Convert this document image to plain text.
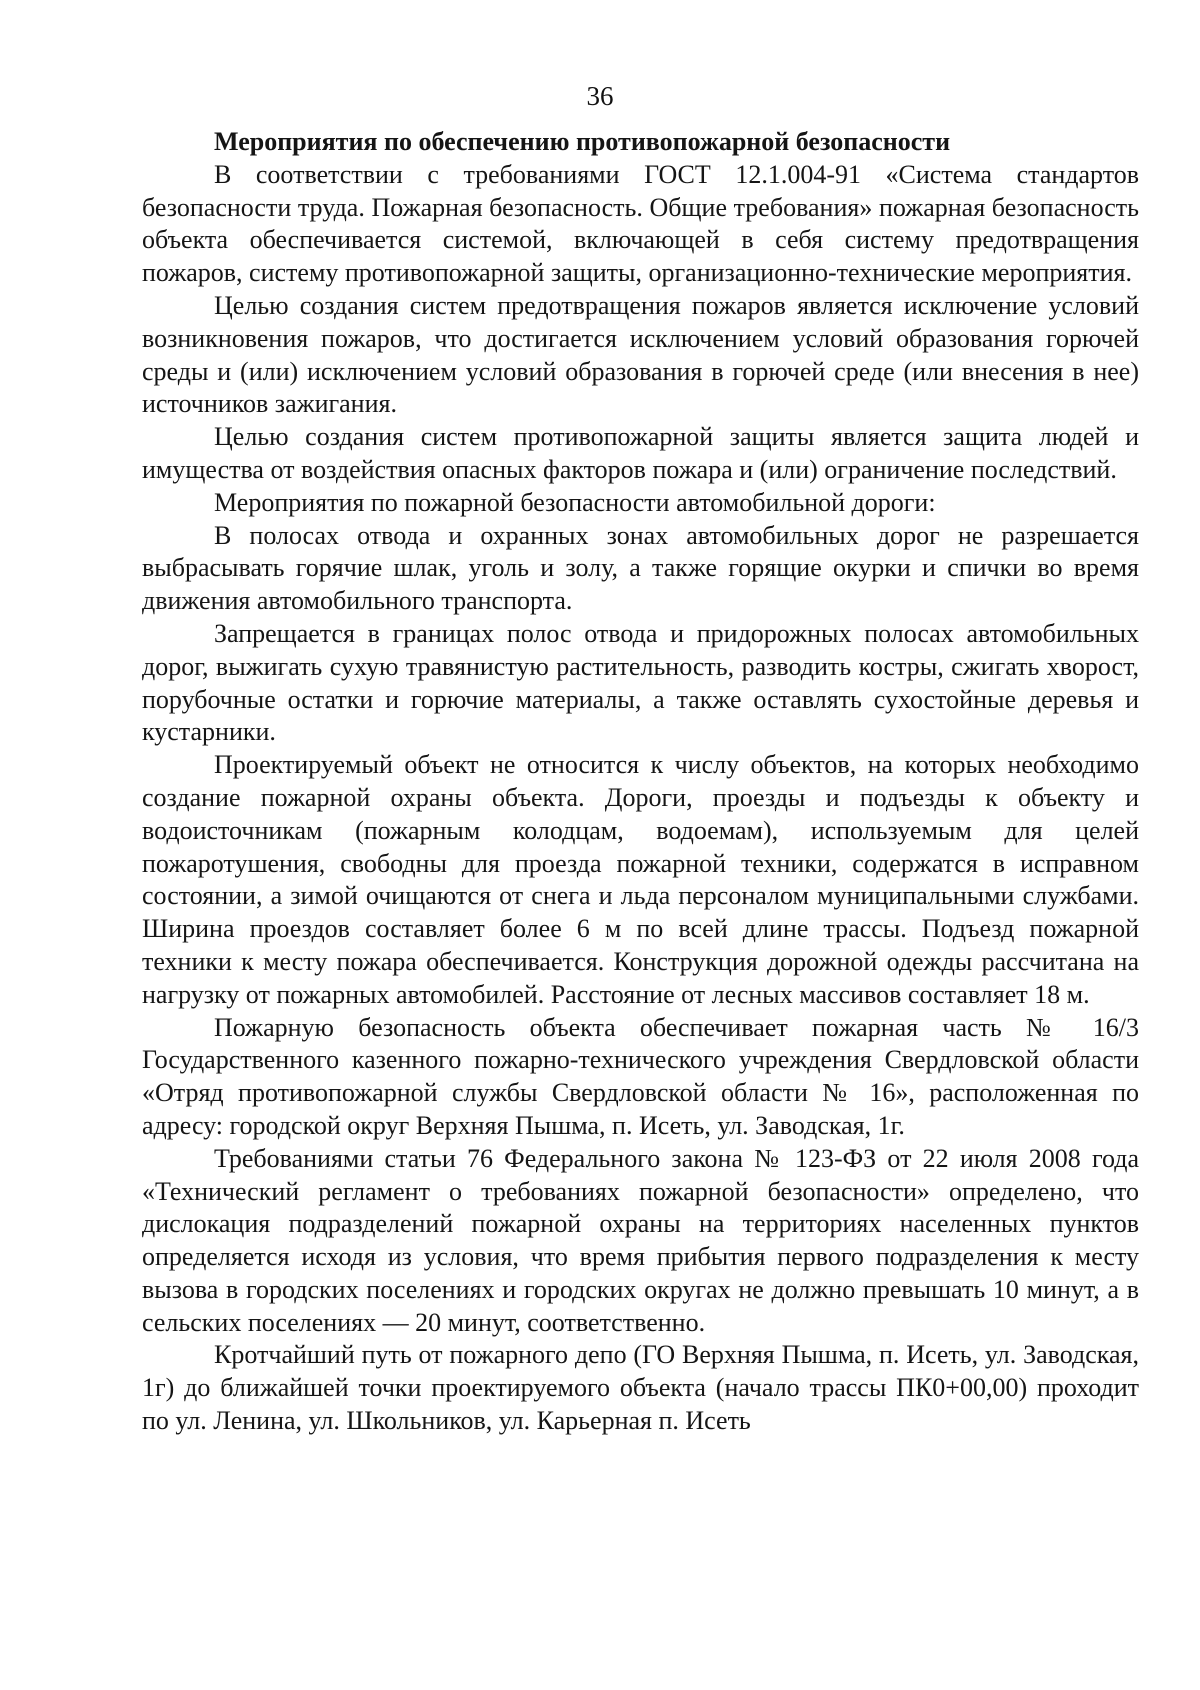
36

Мероприятия по обеспечению противопожарной безопасности

В соответствии с требованиями ГОСТ 12.1.004-91 «Система стандартов безопасности труда. Пожарная безопасность. Общие требования» пожарная безопасность объекта обеспечивается системой, включающей в себя систему предотвращения пожаров, систему противопожарной защиты, организационно-технические мероприятия.

Целью создания систем предотвращения пожаров является исключение условий возникновения пожаров, что достигается исключением условий образования горючей среды и (или) исключением условий образования в горючей среде (или внесения в нее) источников зажигания.

Целью создания систем противопожарной защиты является защита людей и имущества от воздействия опасных факторов пожара и (или) ограничение последствий.

Мероприятия по пожарной безопасности автомобильной дороги:

В полосах отвода и охранных зонах автомобильных дорог не разрешается выбрасывать горячие шлак, уголь и золу, а также горящие окурки и спички во время движения автомобильного транспорта.

Запрещается в границах полос отвода и придорожных полосах автомобильных дорог, выжигать сухую травянистую растительность, разводить костры, сжигать хворост, порубочные остатки и горючие материалы, а также оставлять сухостойные деревья и кустарники.

Проектируемый объект не относится к числу объектов, на которых необходимо создание пожарной охраны объекта. Дороги, проезды и подъезды к объекту и водоисточникам (пожарным колодцам, водоемам), используемым для целей пожаротушения, свободны для проезда пожарной техники, содержатся в исправном состоянии, а зимой очищаются от снега и льда персоналом муниципальными службами. Ширина проездов составляет более 6 м по всей длине трассы. Подъезд пожарной техники к месту пожара обеспечивается. Конструкция дорожной одежды рассчитана на нагрузку от пожарных автомобилей. Расстояние от лесных массивов составляет 18 м.

Пожарную безопасность объекта обеспечивает пожарная часть № 16/3 Государственного казенного пожарно-технического учреждения Свердловской области «Отряд противопожарной службы Свердловской области № 16», расположенная по адресу: городской округ Верхняя Пышма, п. Исеть, ул. Заводская, 1г.

Требованиями статьи 76 Федерального закона № 123-ФЗ от 22 июля 2008 года «Технический регламент о требованиях пожарной безопасности» определено, что дислокация подразделений пожарной охраны на территориях населенных пунктов определяется исходя из условия, что время прибытия первого подразделения к месту вызова в городских поселениях и городских округах не должно превышать 10 минут, а в сельских поселениях — 20 минут, соответственно.

Кротчайший путь от пожарного депо (ГО Верхняя Пышма, п. Исеть, ул. Заводская, 1г) до ближайшей точки проектируемого объекта (начало трассы ПК0+00,00) проходит по ул. Ленина, ул. Школьников, ул. Карьерная п. Исеть
